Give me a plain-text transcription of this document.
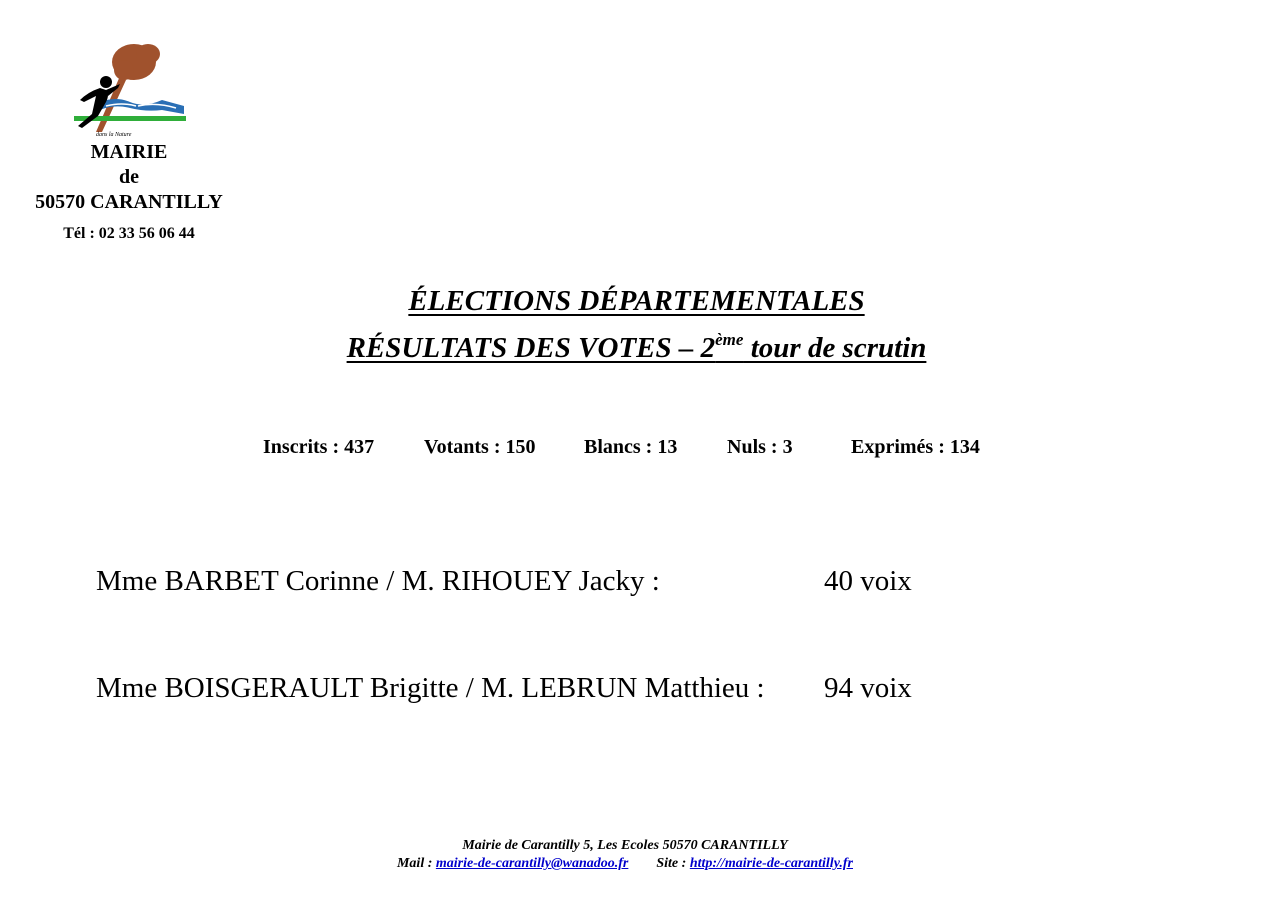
dans la Nature
MAIRIE
de
50570 CARANTILLY
Tél : 02 33 56 06 44
ÉLECTIONS DÉPARTEMENTALES
RÉSULTATS DES VOTES – 2ème tour de scrutin
Inscrits : 437 Votants : 150 Blancs : 13 Nuls : 3	Exprimés : 134
Mme BARBET Corinne / M. RIHOUEY Jacky :	40 voix
Mme BOISGERAULT Brigitte / M. LEBRUN Matthieu : 94 voix
Mairie de Carantilly 5, Les Ecoles 50570 CARANTILLY
Mail : mairie-de-carantilly@wanadoo.fr Site : http://mairie-de-carantilly.fr
